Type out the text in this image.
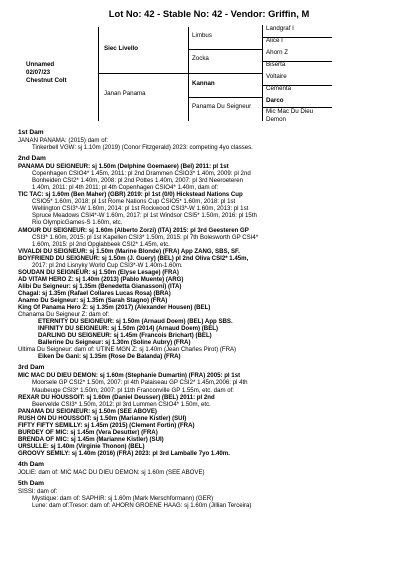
Lot No: 42 - Stable No: 42 - Vendor: Griffin, M
Unnamed
02/07/23
Chestnut Colt
Siec Livello
Janan Panama
Limbus
Zocka
Kannan
Panama Du Seigneur
Landgraf I
Alice I
Ahorn Z
Biserta
Voltaire
Cementa
Darco
Mic Mac Du Dieu Demon
1st Dam

JANAN PANAMA: (2015) dam of:

Tinkerbell VGW: sj 1.10m (2019) (Conor Fitzgerald) 2023: competing 4yo classes.

2nd Dam

PANAMA DU SEIGNEUR: sj 1.50m (Delphine Goemaere) (Bel) 2011: pl 1st

Copenhagen CSIO4* 1.45m, 2011: pl 2nd Drammen CSIO3* 1.40m, 2009: pl 2nd

Bonheiden CSI2* 1.40m, 2008: pl 2nd Pottes 1.40m, 2007: pl 3rd Neeroeteren

1.40m, 2011: pl 4th 2011: pl 4th Copenhagen CSIO4* 1.40m, dam of:

TIC TAC: sj 1.60m (Ben Maher) (GBR) 2019: pl 1st (0/0) Hickstead Nations Cup

CSIO5* 1.60m, 2018: pl 1st Rome Nations Cup CSIO5* 1.60m, 2018: pl 1st

Wellington CSI3*-W 1.60m, 2014: pl 1st Rockwood CSI3*-W 1.60m, 2013: pl 1st

Spruce Meadows CSI4*-W 1.60m, 2017: pl 1st Windsor CSI5* 1.50m, 2016: pl 15th

Rio OlympicGames-S 1.60m, etc.

AMOUR DU SEIGNEUR: sj 1.60m (Alberto Zorzi) (ITA) 2015: pl 3rd Geesteren GP

CSI3* 1.60m, 2015: pl 1st Kapellen CSI3* 1.50m, 2015: pl 7th Bolesworth GP CSI4*

1.60m, 2015: pl 2nd Opglabbeek CSI2* 1.45m, etc.

VIVALDI DU SEIGNEUR: sj 1.50m (Marine Blonde) (FRA) App ZANG, SBS, SF.

BOYFRIEND DU SEIGNEUR: sj 1.50m (J. Guery) (BEL) pl 2nd Oliva CSI2* 1.45m,

2017: pl 2nd Lisnyky World Cup CSI3*-W 1.40m-1.60m.

SOUDAN DU SEIGNEUR: sj 1.50m (Elyse Lesage) (FRA)

AD VITAM HERO Z: sj 1.40m (2013) (Pablo Muente) (ARG)

Alibi Du Seigneur: sj 1.35m (Benedetta Gianassoni) (ITA)

Chagal: sj 1.35m (Rafael Collares Lucas Rosa) (BRA)

Anamo Du Seigneur: sj 1.35m (Sarah Stagno) (FRA)

King Of Panama Hero Z: sj 1.35m (2017) (Alexander Housen) (BEL)

Chanama Du Seigneur Z: dam of:

ETERNITY DU SEIGNEUR: sj 1.50m (Arnaud Doem) (BEL) App SBS.

INFINITY DU SEIGNEUR: sj 1.50m (2014) (Arnaud Doem) (BEL)

DARLING DU SEIGNEUR: sj 1.45m (Francois Brichart) (BEL)

Ballerine Du Seigneur: sj 1.30m (Soline Aubry) (FRA)

Ultima Du Seigneur: dam of: UTINE MGN Z: sj 1.40m (Jean Charles Pirot) (FRA)

Eiken De Gani: sj 1.35m (Rose De Balanda) (FRA)

3rd Dam

MIC MAC DU DIEU DEMON: sj 1.60m (Stephanie Dumartin) (FRA) 2005: pl 1st

Moorsele GP CSI2* 1.50m, 2007: pl 4th Palaiseau GP CSI2* 1.45m,2006: pl 4th

Maubeuge CSI3* 1.50m, 2007: pl 11th Franconville GP 1.55m, etc. dam of:

REXAR DU HOUSSOIT: sj 1.60m (Daniel Deusser) (BEL) 2011: pl 2nd

Beervelde CSI3* 1.50m, 2012: pl 3rd Lummen CSIO4* 1.50m, etc.

PANAMA DU SEIGNEUR: sj 1.50m (SEE ABOVE)

RUSH ON DU HOUSSOIT: sj 1.50m (Marianne Kistler) (SUI)

FIFTY FIFTY SEMILLY: sj 1.45m (2015) (Clement Fortin) (FRA)

BURDEY OF MIC: sj 1.45m (Vera Desutter) (FRA)

BRENDA OF MIC: sj 1.45m (Marianne Kistler) (SUI)

URSULLE: sj 1.40m (Virginie Thonon) (BEL)

GROOVY SEMILY: sj 1.40m (2016) (FRA) 2023: pl 3rd Lamballe 7yo 1.40m.

4th Dam

JOLIE: dam of: MIC MAC DU DIEU DEMON: sj 1.60m (SEE ABOVE)

5th Dam

SISSI: dam of:

Mystique: dam of: SAPHIR: sj 1.60m (Mark Merschformann) (GER)

Lune: dam of:Tresor: dam of: AHORN GROENE HAAG: sj 1.60m (Jillian Terceira)
